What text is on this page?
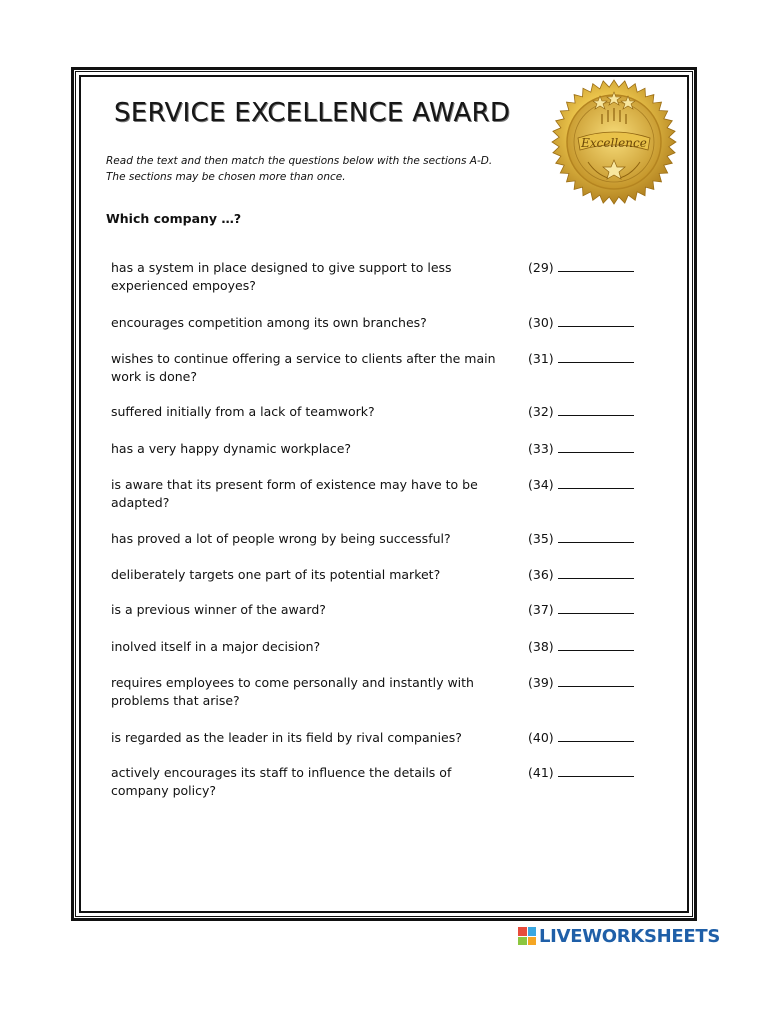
SERVICE EXCELLENCE AWARD
Excellence
Read the text and then match the questions below with the sections A-D.
The sections may be chosen more than once.
Which company …?
has a system in place designed to give support to less
experienced empoyes?
(29)
encourages competition among its own branches?	(30)
wishes to continue offering a service to clients after the main
work is done?
(31)
suffered initially from a lack of teamwork?	(32)
has a very happy dynamic workplace?	(33)
is aware that its present form of existence may have to be
adapted?
(34)
has proved a lot of people wrong by being successful?	(35)
deliberately targets one part of its potential market?	(36)
is a previous winner of the award?	(37)
inolved itself in a major decision?	(38)
requires employees to come personally and instantly with
problems that arise?
(39)
is regarded as the leader in its field by rival companies?	(40)
actively encourages its staff to influence the details of
company policy?
(41)
LIVEWORKSHEETS
